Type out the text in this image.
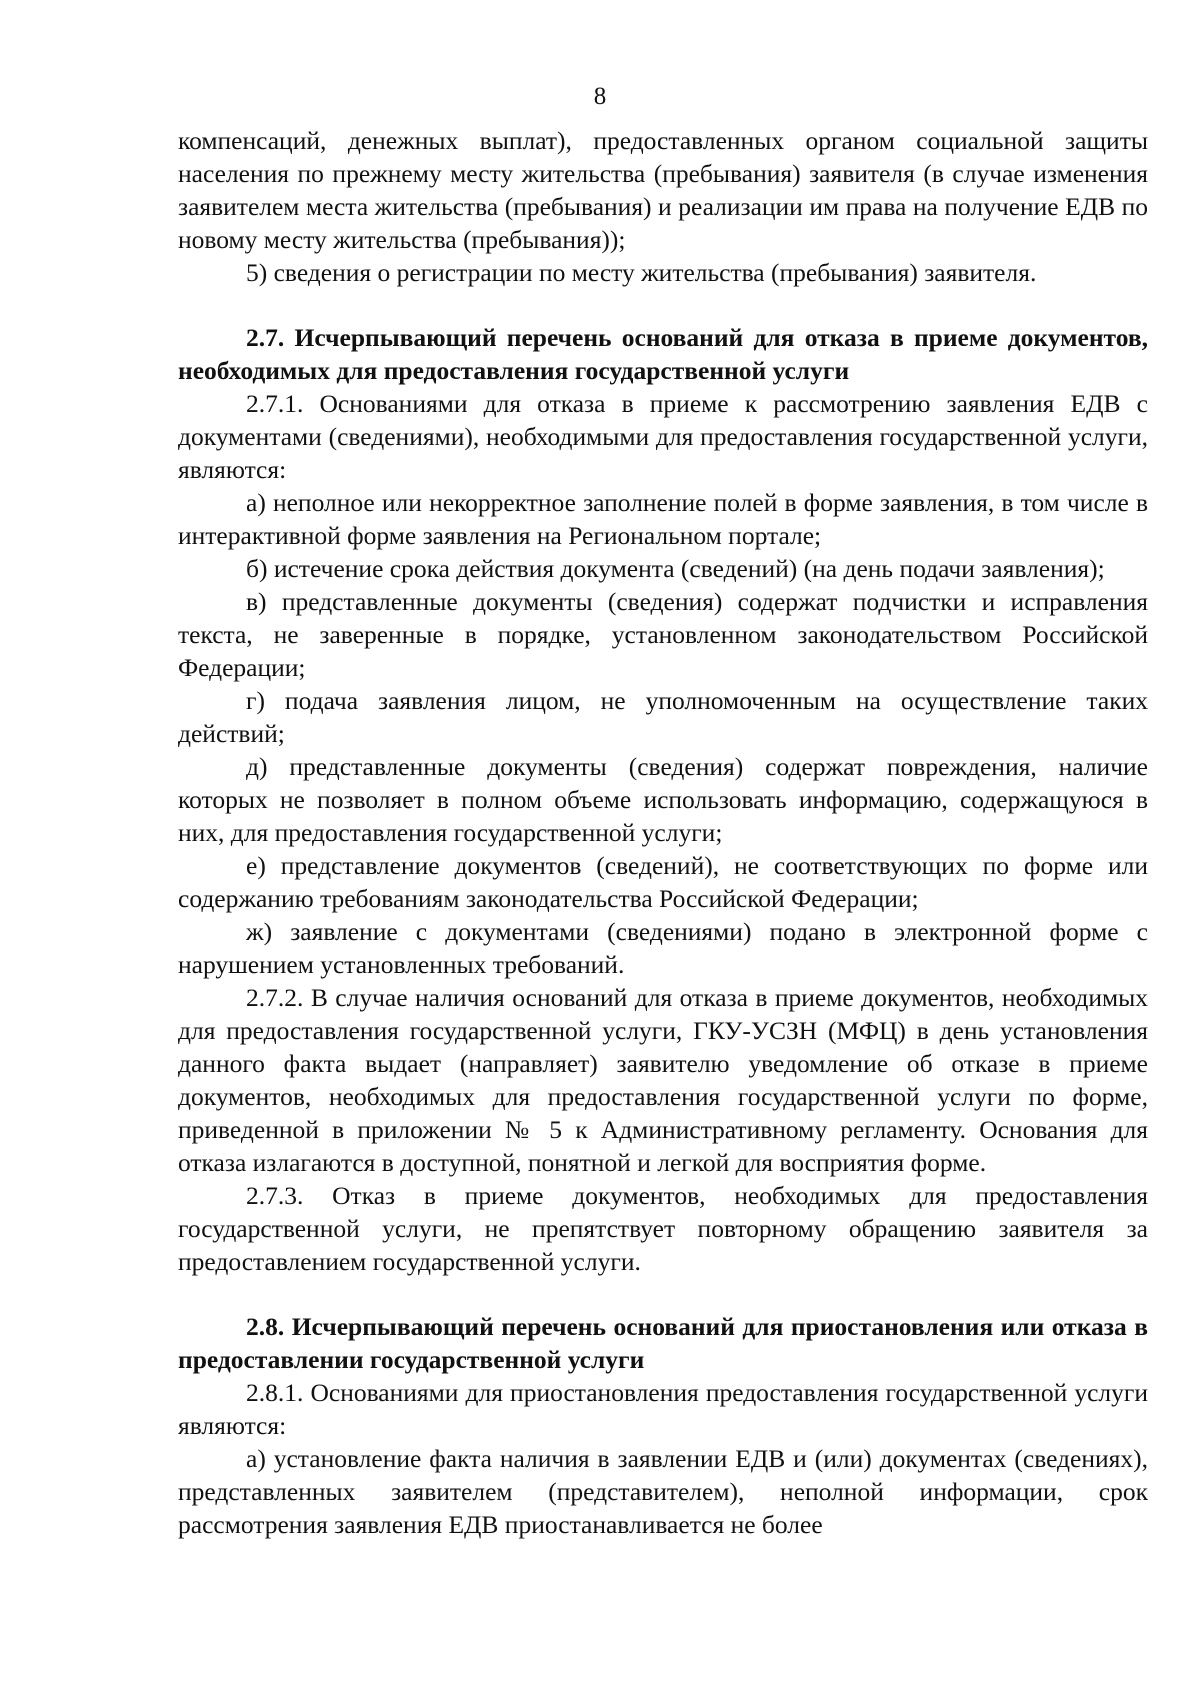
8

компенсаций, денежных выплат), предоставленных органом социальной защиты населения по прежнему месту жительства (пребывания) заявителя (в случае изменения заявителем места жительства (пребывания) и реализации им права на получение ЕДВ по новому месту жительства (пребывания));

5) сведения о регистрации по месту жительства (пребывания) заявителя.

2.7. Исчерпывающий перечень оснований для отказа в приеме документов, необходимых для предоставления государственной услуги

2.7.1. Основаниями для отказа в приеме к рассмотрению заявления ЕДВ с документами (сведениями), необходимыми для предоставления государственной услуги, являются:

а) неполное или некорректное заполнение полей в форме заявления, в том числе в интерактивной форме заявления на Региональном портале;

б) истечение срока действия документа (сведений) (на день подачи заявления);

в) представленные документы (сведения) содержат подчистки и исправления текста, не заверенные в порядке, установленном законодательством Российской Федерации;

г) подача заявления лицом, не уполномоченным на осуществление таких действий;

д) представленные документы (сведения) содержат повреждения, наличие которых не позволяет в полном объеме использовать информацию, содержащуюся в них, для предоставления государственной услуги;

е) представление документов (сведений), не соответствующих по форме или содержанию требованиям законодательства Российской Федерации;

ж) заявление с документами (сведениями) подано в электронной форме с нарушением установленных требований.

2.7.2. В случае наличия оснований для отказа в приеме документов, необходимых для предоставления государственной услуги, ГКУ-УСЗН (МФЦ) в день установления данного факта выдает (направляет) заявителю уведомление об отказе в приеме документов, необходимых для предоставления государственной услуги по форме, приведенной в приложении № 5 к Административному регламенту. Основания для отказа излагаются в доступной, понятной и легкой для восприятия форме.

2.7.3. Отказ в приеме документов, необходимых для предоставления государственной услуги, не препятствует повторному обращению заявителя за предоставлением государственной услуги.

2.8. Исчерпывающий перечень оснований для приостановления или отказа в предоставлении государственной услуги

2.8.1. Основаниями для приостановления предоставления государственной услуги являются:

а) установление факта наличия в заявлении ЕДВ и (или) документах (сведениях), представленных заявителем (представителем), неполной информации, срок рассмотрения заявления ЕДВ приостанавливается не более
